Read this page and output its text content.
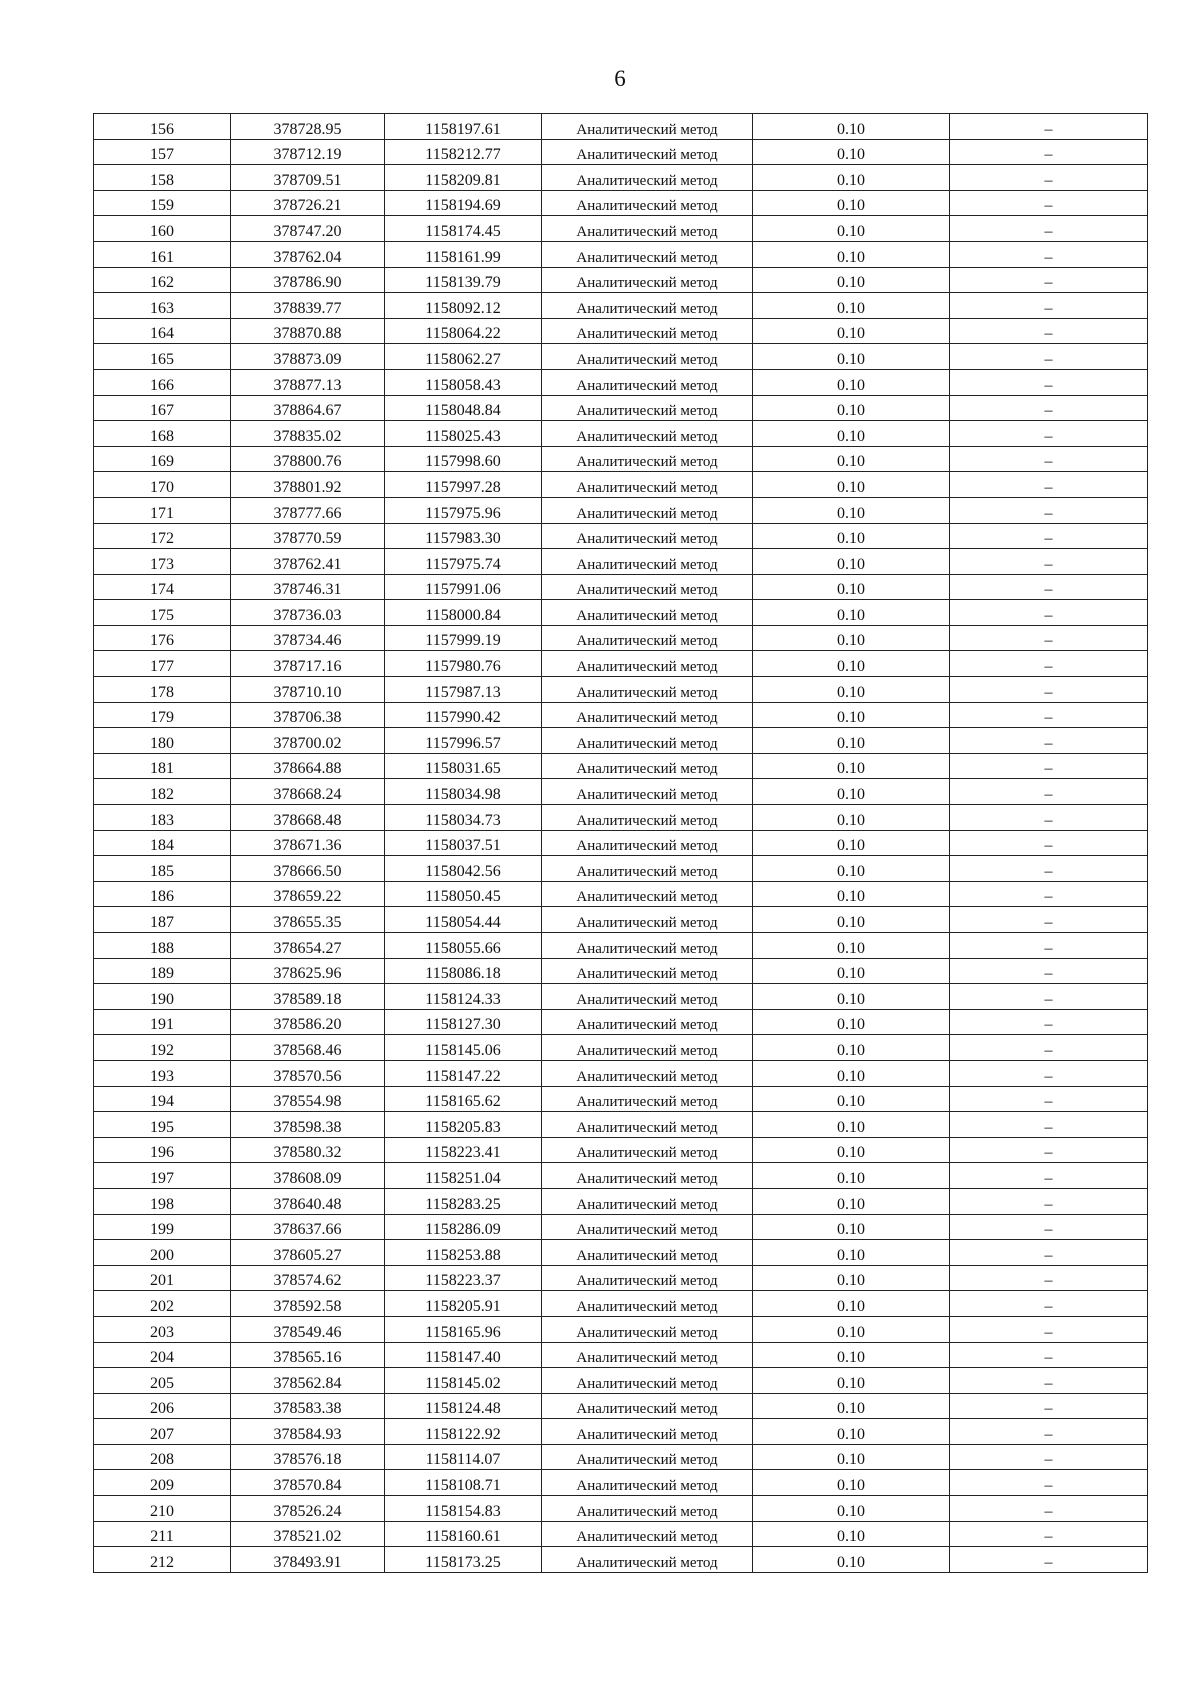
6
156	378728.95	1158197.61	Аналитический метод	0.10	–
157	378712.19	1158212.77	Аналитический метод	0.10	–
158	378709.51	1158209.81	Аналитический метод	0.10	–
159	378726.21	1158194.69	Аналитический метод	0.10	–
160	378747.20	1158174.45	Аналитический метод	0.10	–
161	378762.04	1158161.99	Аналитический метод	0.10	–
162	378786.90	1158139.79	Аналитический метод	0.10	–
163	378839.77	1158092.12	Аналитический метод	0.10	–
164	378870.88	1158064.22	Аналитический метод	0.10	–
165	378873.09	1158062.27	Аналитический метод	0.10	–
166	378877.13	1158058.43	Аналитический метод	0.10	–
167	378864.67	1158048.84	Аналитический метод	0.10	–
168	378835.02	1158025.43	Аналитический метод	0.10	–
169	378800.76	1157998.60	Аналитический метод	0.10	–
170	378801.92	1157997.28	Аналитический метод	0.10	–
171	378777.66	1157975.96	Аналитический метод	0.10	–
172	378770.59	1157983.30	Аналитический метод	0.10	–
173	378762.41	1157975.74	Аналитический метод	0.10	–
174	378746.31	1157991.06	Аналитический метод	0.10	–
175	378736.03	1158000.84	Аналитический метод	0.10	–
176	378734.46	1157999.19	Аналитический метод	0.10	–
177	378717.16	1157980.76	Аналитический метод	0.10	–
178	378710.10	1157987.13	Аналитический метод	0.10	–
179	378706.38	1157990.42	Аналитический метод	0.10	–
180	378700.02	1157996.57	Аналитический метод	0.10	–
181	378664.88	1158031.65	Аналитический метод	0.10	–
182	378668.24	1158034.98	Аналитический метод	0.10	–
183	378668.48	1158034.73	Аналитический метод	0.10	–
184	378671.36	1158037.51	Аналитический метод	0.10	–
185	378666.50	1158042.56	Аналитический метод	0.10	–
186	378659.22	1158050.45	Аналитический метод	0.10	–
187	378655.35	1158054.44	Аналитический метод	0.10	–
188	378654.27	1158055.66	Аналитический метод	0.10	–
189	378625.96	1158086.18	Аналитический метод	0.10	–
190	378589.18	1158124.33	Аналитический метод	0.10	–
191	378586.20	1158127.30	Аналитический метод	0.10	–
192	378568.46	1158145.06	Аналитический метод	0.10	–
193	378570.56	1158147.22	Аналитический метод	0.10	–
194	378554.98	1158165.62	Аналитический метод	0.10	–
195	378598.38	1158205.83	Аналитический метод	0.10	–
196	378580.32	1158223.41	Аналитический метод	0.10	–
197	378608.09	1158251.04	Аналитический метод	0.10	–
198	378640.48	1158283.25	Аналитический метод	0.10	–
199	378637.66	1158286.09	Аналитический метод	0.10	–
200	378605.27	1158253.88	Аналитический метод	0.10	–
201	378574.62	1158223.37	Аналитический метод	0.10	–
202	378592.58	1158205.91	Аналитический метод	0.10	–
203	378549.46	1158165.96	Аналитический метод	0.10	–
204	378565.16	1158147.40	Аналитический метод	0.10	–
205	378562.84	1158145.02	Аналитический метод	0.10	–
206	378583.38	1158124.48	Аналитический метод	0.10	–
207	378584.93	1158122.92	Аналитический метод	0.10	–
208	378576.18	1158114.07	Аналитический метод	0.10	–
209	378570.84	1158108.71	Аналитический метод	0.10	–
210	378526.24	1158154.83	Аналитический метод	0.10	–
211	378521.02	1158160.61	Аналитический метод	0.10	–
212	378493.91	1158173.25	Аналитический метод	0.10	–
